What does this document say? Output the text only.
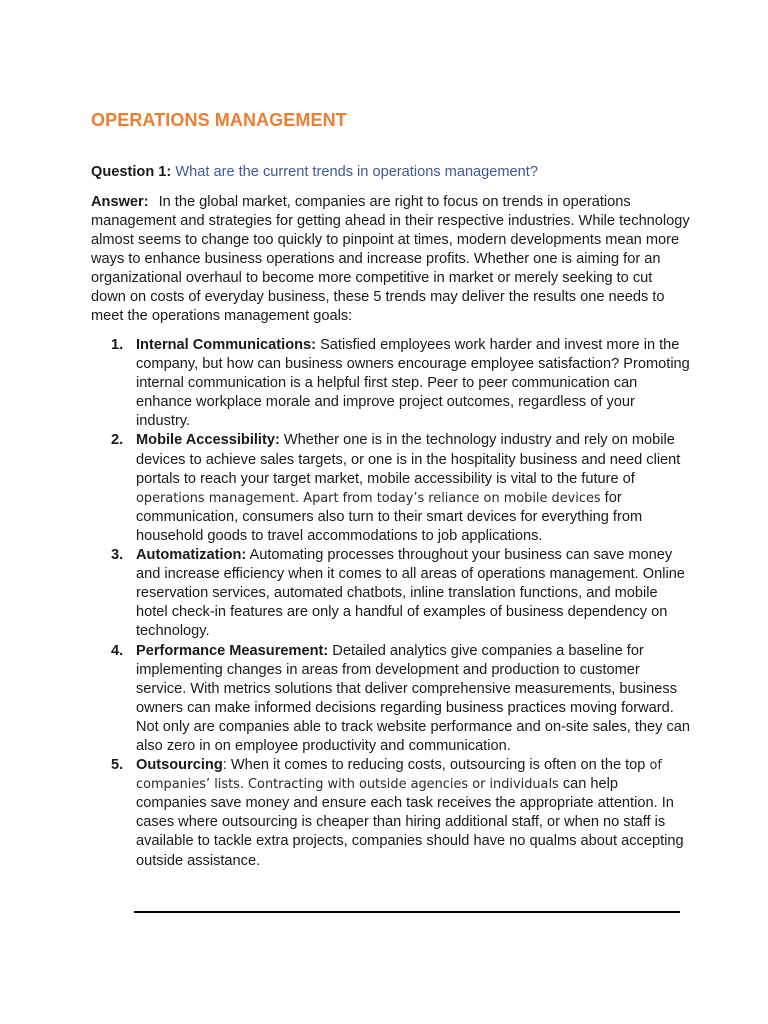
OPERATIONS MANAGEMENT
Question 1: What are the current trends in operations management?

Answer: In the global market, companies are right to focus on trends in operations management and strategies for getting ahead in their respective industries. While technology almost seems to change too quickly to pinpoint at times, modern developments mean more ways to enhance business operations and increase profits. Whether one is aiming for an organizational overhaul to become more competitive in market or merely seeking to cut down on costs of everyday business, these 5 trends may deliver the results one needs to meet the operations management goals:

1. Internal Communications: Satisfied employees work harder and invest more in the company, but how can business owners encourage employee satisfaction? Promoting internal communication is a helpful first step. Peer to peer communication can enhance workplace morale and improve project outcomes, regardless of your industry.
2. Mobile Accessibility: Whether one is in the technology industry and rely on mobile devices to achieve sales targets, or one is in the hospitality business and need client portals to reach your target market, mobile accessibility is vital to the future of operations management. Apart from today’s reliance on mobile devices for communication, consumers also turn to their smart devices for everything from household goods to travel accommodations to job applications.
3. Automatization: Automating processes throughout your business can save money and increase efficiency when it comes to all areas of operations management. Online reservation services, automated chatbots, inline translation functions, and mobile hotel check-in features are only a handful of examples of business dependency on technology.
4. Performance Measurement: Detailed analytics give companies a baseline for implementing changes in areas from development and production to customer service. With metrics solutions that deliver comprehensive measurements, business owners can make informed decisions regarding business practices moving forward. Not only are companies able to track website performance and on-site sales, they can also zero in on employee productivity and communication.
5. Outsourcing: When it comes to reducing costs, outsourcing is often on the top of companies’ lists. Contracting with outside agencies or individuals can help companies save money and ensure each task receives the appropriate attention. In cases where outsourcing is cheaper than hiring additional staff, or when no staff is available to tackle extra projects, companies should have no qualms about accepting outside assistance.
